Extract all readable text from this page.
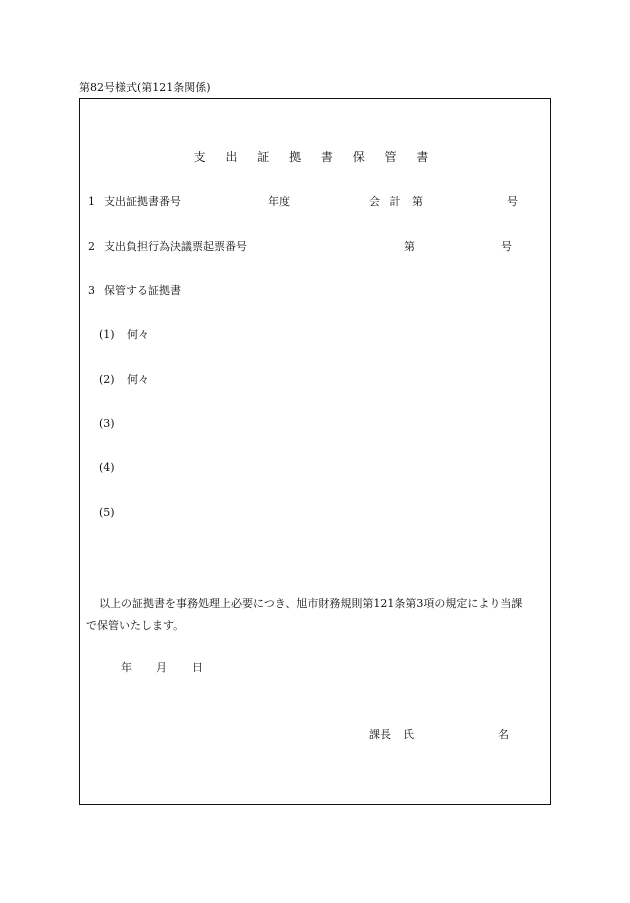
第82号様式(第121条関係)
支 出 証 拠 書 保 管 書
1 支出証拠書番号	年度	会 計 第	号
2 支出負担行為決議票起票番号	第	号
3 保管する証拠書
(1) 何々
(2) 何々
(3)
(4)
(5)
以上の証拠書を事務処理上必要につき、旭市財務規則第121条第3項の規定により当課
で保管いたします。
年 月 日
課長 氏	名
